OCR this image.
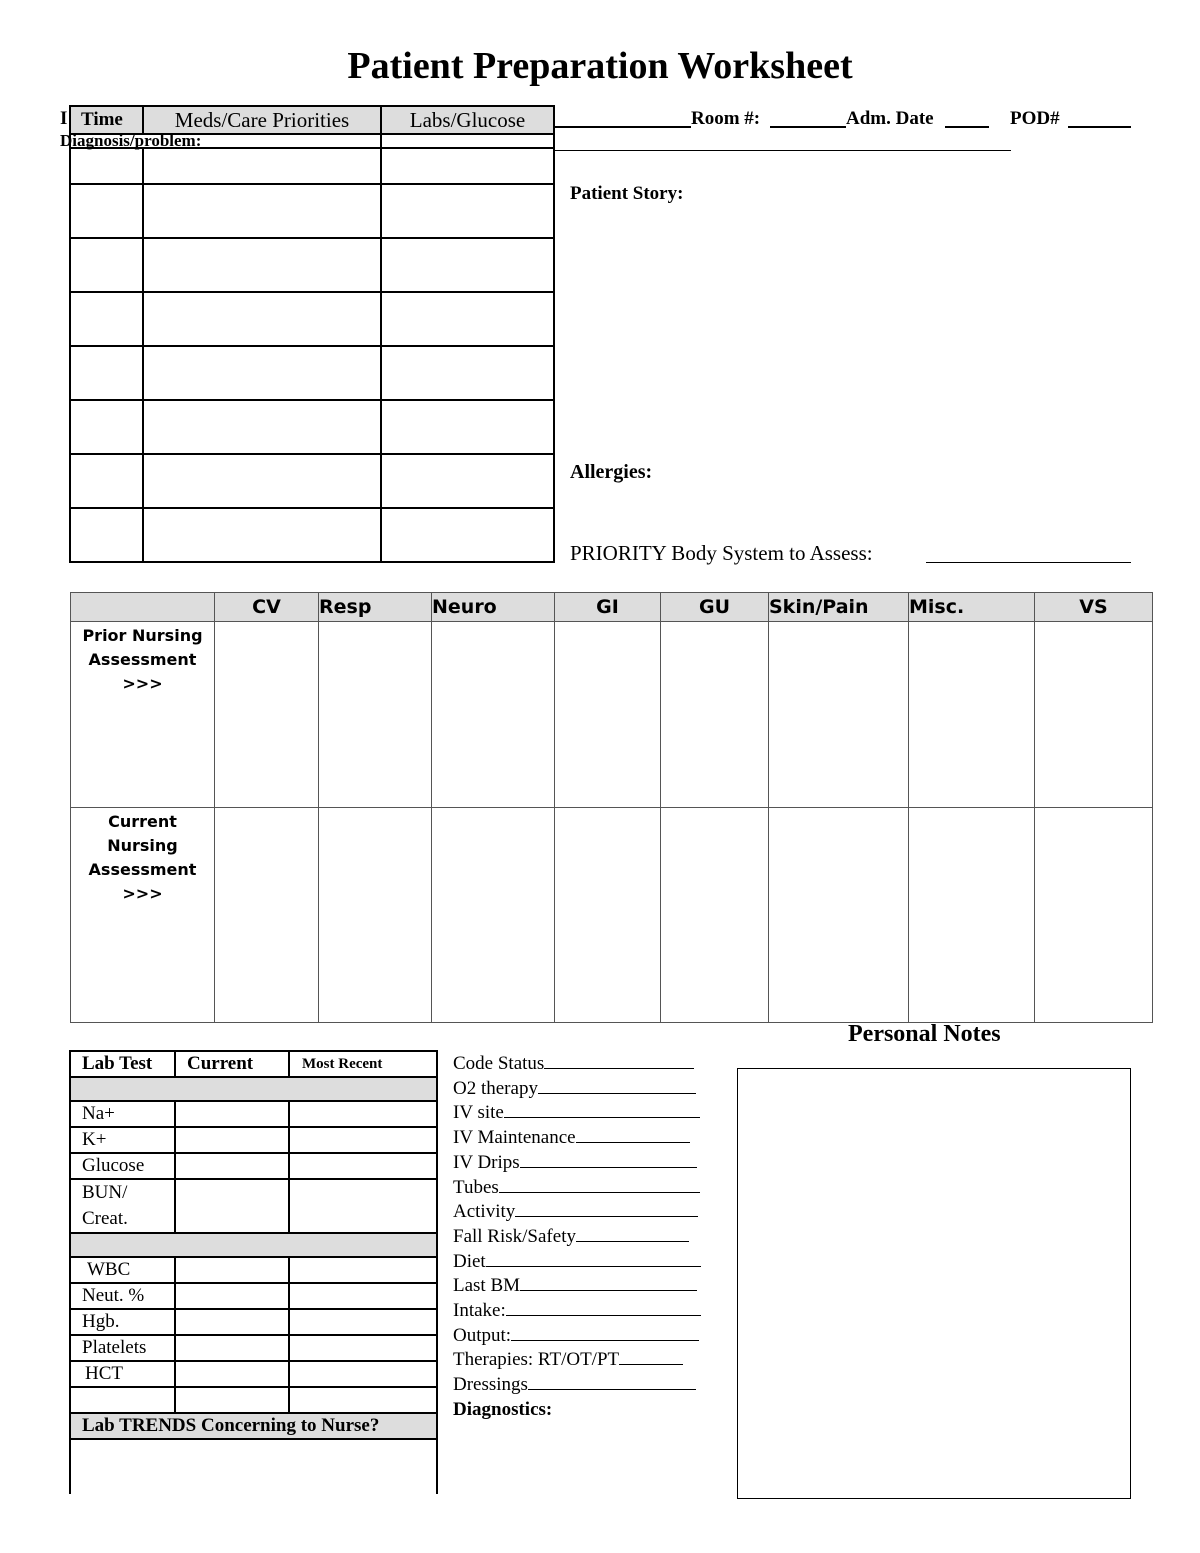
Patient Preparation Worksheet
I	Room #:	Adm. Date	POD#
Time	Meds/Care Priorities	Labs/Glucose

Diagnosis/problem:		

Patient Story:
Allergies:
PRIORITY Body System to Assess:
	CV	Resp	Neuro	GI	GU	Skin/Pain	Misc.	VS

Prior Nursing
Assessment
>>>								

Current Nursing
Assessment
>>>								

Lab Test	Current	Most Recent

Na+		
K+		
Glucose		

BUN/
Creat.		

WBC		
Neut. %		
Hgb.		
Platelets		
HCT		

Lab TRENDS Concerning to Nurse?		

Code Status
O2 therapy
IV site
IV Maintenance
IV Drips
Tubes
Activity
Fall Risk/Safety
Diet
Last BM
Intake:
Output:
Therapies: RT/OT/PT
Dressings
Diagnostics:
Personal Notes
